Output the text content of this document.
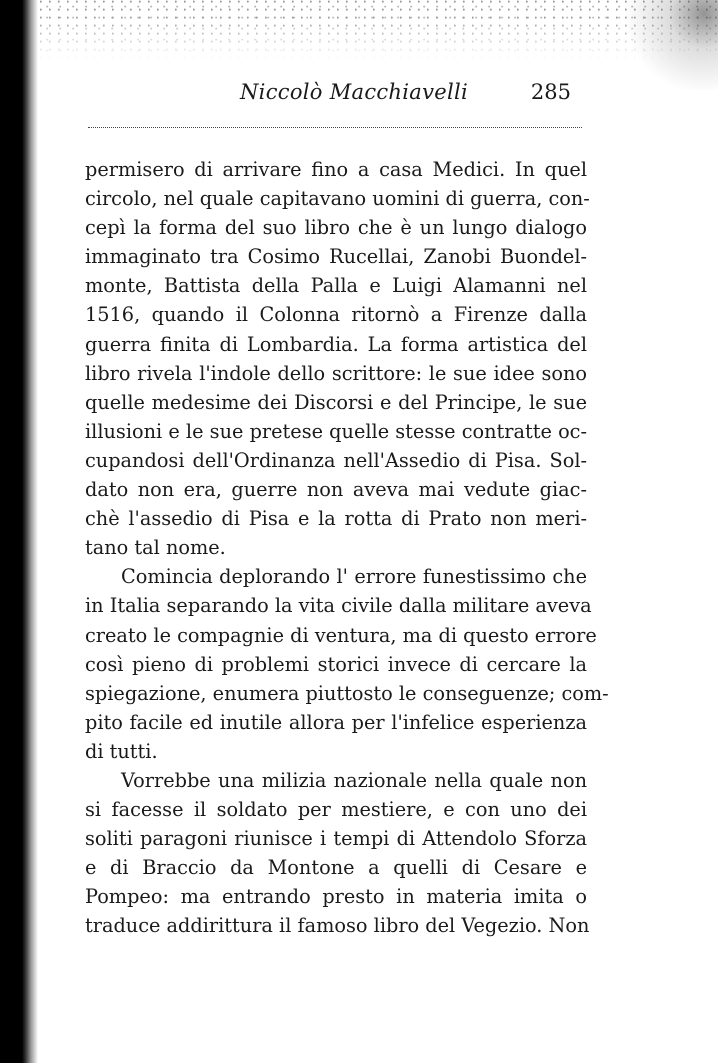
Niccolò Macchiavelli	285
permisero di arrivare fino a casa Medici. In quel
circolo, nel quale capitavano uomini di guerra, con-
cepì la forma del suo libro che è un lungo dialogo
immaginato tra Cosimo Rucellai, Zanobi Buondel-
monte, Battista della Palla e Luigi Alamanni nel
1516, quando il Colonna ritornò a Firenze dalla
guerra finita di Lombardia. La forma artistica del
libro rivela l'indole dello scrittore: le sue idee sono
quelle medesime dei Discorsi e del Principe, le sue
illusioni e le sue pretese quelle stesse contratte oc-
cupandosi dell'Ordinanza nell'Assedio di Pisa. Sol-
dato non era, guerre non aveva mai vedute giac-
chè l'assedio di Pisa e la rotta di Prato non meri-
tano tal nome.
Comincia deplorando l' errore funestissimo che
in Italia separando la vita civile dalla militare aveva
creato le compagnie di ventura, ma di questo errore
così pieno di problemi storici invece di cercare la
spiegazione, enumera piuttosto le conseguenze; com-
pito facile ed inutile allora per l'infelice esperienza
di tutti.
Vorrebbe una milizia nazionale nella quale non
si facesse il soldato per mestiere, e con uno dei
soliti paragoni riunisce i tempi di Attendolo Sforza
e di Braccio da Montone a quelli di Cesare e
Pompeo: ma entrando presto in materia imita o
traduce addirittura il famoso libro del Vegezio. Non
